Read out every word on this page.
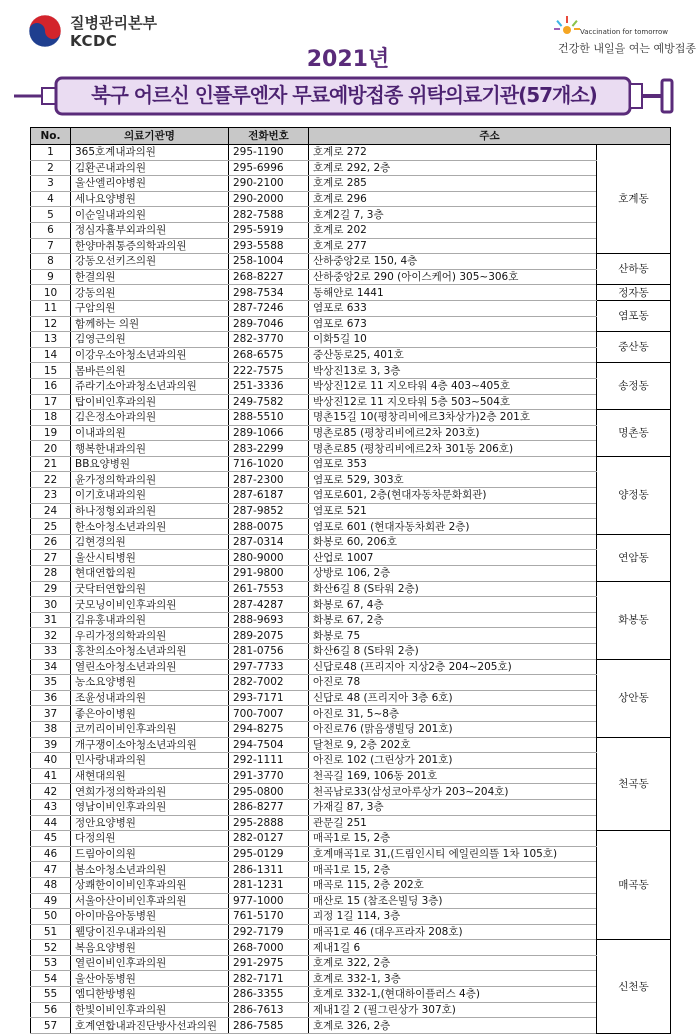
질병관리본부
KCDC	Vaccination for tomorrow
건강한 내일을 여는 예방접종
2021년
북구 어르신 인플루엔자 무료예방접종 위탁의료기관(57개소)
No.	의료기관명	전화번호	주소	
1	365호계내과의원	295-1190	호계로 272	호계동
2	김환곤내과의원	295-6996	호계로 292, 2층	
3	울산엘리야병원	290-2100	호계로 285	
4	세나요양병원	290-2000	호계로 296	
5	이순일내과의원	282-7588	호계2길 7, 3층	
6	정심자휼부외과의원	295-5919	호계로 202	
7	한양마취통증의학과의원	293-5588	호계로 277	
8	강동오선키즈의원	258-1004	산하중앙2로 150, 4층	산하동
9	한결의원	268-8227	산하중앙2로 290 (아이스케어) 305~306호	
10	강동의원	298-7534	동해안로 1441	정자동
11	구암의원	287-7246	염포로 633	염포동
12	함께하는 의원	289-7046	염포로 673	
13	김영근의원	282-3770	이화5길 10	중산동
14	이강우소아청소년과의원	268-6575	중산동로25, 401호	
15	몸바른의원	222-7575	박상진13로 3, 3층	송정동
16	쥬라기소아과청소년과의원	251-3336	박상진12로 11 지오타워 4층 403~405호	
17	탑이비인후과의원	249-7582	박상진12로 11 지오타워 5층 503~504호	
18	김은정소아과의원	288-5510	명촌15길 10(평창리비에르3차상가)2층 201호	명촌동
19	이내과의원	289-1066	명촌로85 (평창리비에르2차 203호)	
20	행복한내과의원	283-2299	명촌로85 (평창리비에르2차 301동 206호)	
21	BB요양병원	716-1020	염포로 353	양정동
22	윤가정의학과의원	287-2300	염포로 529, 303호	
23	이기호내과의원	287-6187	염포로601, 2층(현대자동차문화회관)	
24	하나정형외과의원	287-9852	염포로 521	
25	한소아청소년과의원	288-0075	염포로 601 (현대자동차회관 2층)	
26	김현경의원	287-0314	화봉로 60, 206호	연암동
27	울산시티병원	280-9000	산업로 1007	
28	현대연합의원	291-9800	상방로 106, 2층	
29	굿닥터연합의원	261-7553	화산6길 8 (S타워 2층)	화봉동
30	굿모닝이비인후과의원	287-4287	화봉로 67, 4층	
31	김유홍내과의원	288-9693	화봉로 67, 2층	
32	우리가정의학과의원	289-2075	화봉로 75	
33	홍찬의소아청소년과의원	281-0756	화산6길 8 (S타워 2층)	
34	열린소아청소년과의원	297-7733	신답로48 (프리지아 지상2층 204~205호)	상안동
35	농소요양병원	282-7002	아진로 78	
36	조윤성내과의원	293-7171	신답로 48 (프리지아 3층 6호)	
37	좋은아이병원	700-7007	아진로 31, 5~8층	
38	코끼리이비인후과의원	294-8275	아진로76 (맑음생빌딩 201호)	
39	개구쟁이소아청소년과의원	294-7504	달천로 9, 2층 202호	천곡동
40	민사랑내과의원	292-1111	아진로 102 (그린상가 201호)	
41	새현대의원	291-3770	천곡길 169, 106동 201호	
42	연희가정의학과의원	295-0800	천곡남로33(삼성코아루상가 203~204호)	
43	영남이비인후과의원	286-8277	가재길 87, 3층	
44	정안요양병원	295-2888	관문길 251	
45	다정의원	282-0127	매곡1로 15, 2층	매곡동
46	드림아이의원	295-0129	호계매곡1로 31,(드림인시티 에일린의뜰 1차 105호)	
47	봄소아청소년과의원	286-1311	매곡1로 15, 2층	
48	상쾌한이이비인후과의원	281-1231	매곡로 115, 2층 202호	
49	서울아산이비인후과의원	977-1000	매산로 15 (참조은빌딩 3층)	
50	아이마음아동병원	761-5170	괴정 1길 114, 3층	
51	웰당이진우내과의원	292-7179	매곡1로 46 (대우프라자 208호)	
52	복음요양병원	268-7000	제내1길 6	신천동
53	열린이비인후과의원	291-2975	호계로 322, 2층	
54	울산아동병원	282-7171	호계로 332-1, 3층	
55	엠디한방병원	286-3355	호계로 332-1,(현대하이플러스 4층)	
56	한빛이비인후과의원	286-7613	제내1길 2 (필그린상가 307호)	
57	호계연합내과진단방사선과의원	286-7585	호계로 326, 2층	
